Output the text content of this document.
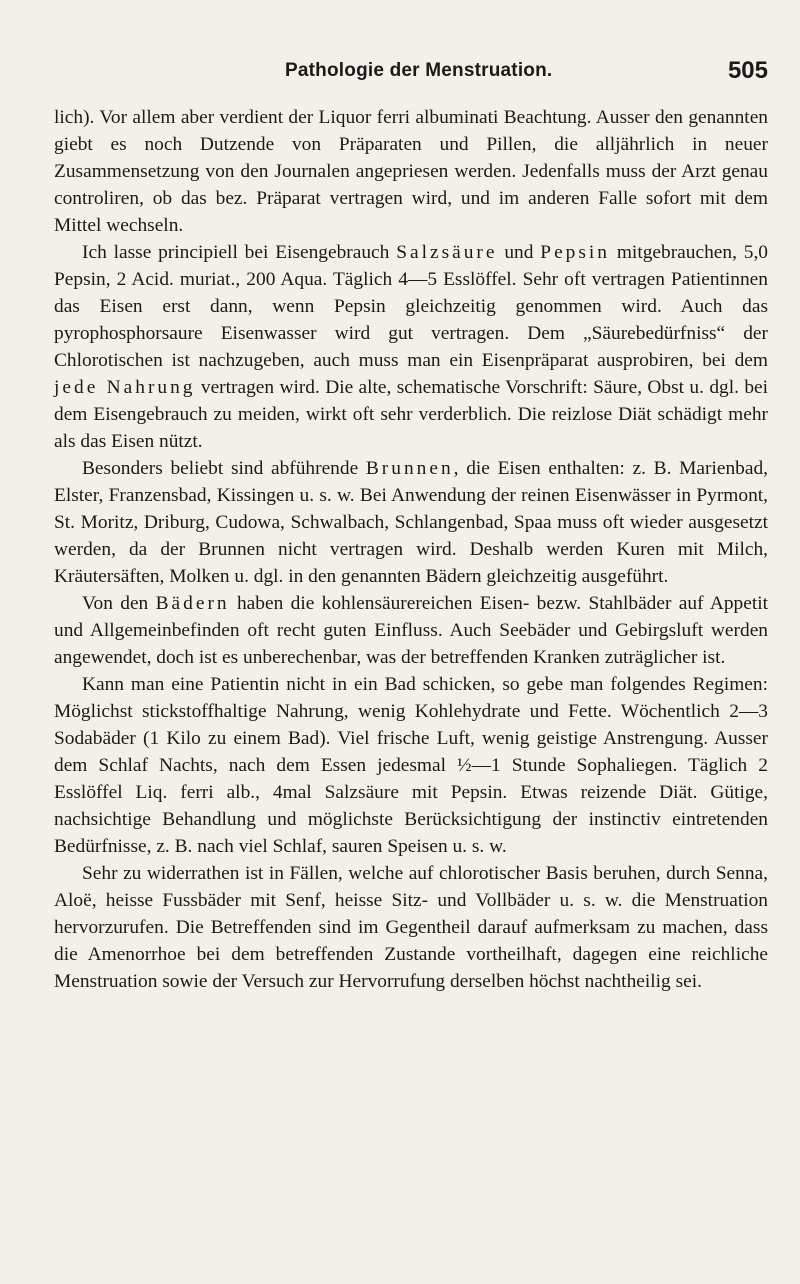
Pathologie der Menstruation.	505

lich). Vor allem aber verdient der Liquor ferri albuminati Beachtung. Ausser den genannten giebt es noch Dutzende von Präparaten und Pillen, die alljährlich in neuer Zusammensetzung von den Journalen angepriesen werden. Jedenfalls muss der Arzt genau controliren, ob das bez. Präparat vertragen wird, und im anderen Falle sofort mit dem Mittel wechseln.

Ich lasse principiell bei Eisengebrauch Salzsäure und Pepsin mitgebrauchen, 5,0 Pepsin, 2 Acid. muriat., 200 Aqua. Täglich 4—5 Esslöffel. Sehr oft vertragen Patientinnen das Eisen erst dann, wenn Pepsin gleichzeitig genommen wird. Auch das pyrophosphorsaure Eisenwasser wird gut vertragen. Dem „Säurebedürfniss“ der Chlorotischen ist nachzugeben, auch muss man ein Eisenpräparat ausprobiren, bei dem jede Nahrung vertragen wird. Die alte, schematische Vorschrift: Säure, Obst u. dgl. bei dem Eisengebrauch zu meiden, wirkt oft sehr verderblich. Die reizlose Diät schädigt mehr als das Eisen nützt.

Besonders beliebt sind abführende Brunnen, die Eisen enthalten: z. B. Marienbad, Elster, Franzensbad, Kissingen u. s. w. Bei Anwendung der reinen Eisenwässer in Pyrmont, St. Moritz, Driburg, Cudowa, Schwalbach, Schlangenbad, Spaa muss oft wieder ausgesetzt werden, da der Brunnen nicht vertragen wird. Deshalb werden Kuren mit Milch, Kräutersäften, Molken u. dgl. in den genannten Bädern gleichzeitig ausgeführt.

Von den Bädern haben die kohlensäurereichen Eisen- bezw. Stahlbäder auf Appetit und Allgemeinbefinden oft recht guten Einfluss. Auch Seebäder und Gebirgsluft werden angewendet, doch ist es unberechenbar, was der betreffenden Kranken zuträglicher ist.

Kann man eine Patientin nicht in ein Bad schicken, so gebe man folgendes Regimen: Möglichst stickstoffhaltige Nahrung, wenig Kohlehydrate und Fette. Wöchentlich 2—3 Sodabäder (1 Kilo zu einem Bad). Viel frische Luft, wenig geistige Anstrengung. Ausser dem Schlaf Nachts, nach dem Essen jedesmal ½—1 Stunde Sophaliegen. Täglich 2 Esslöffel Liq. ferri alb., 4mal Salzsäure mit Pepsin. Etwas reizende Diät. Gütige, nachsichtige Behandlung und möglichste Berücksichtigung der instinctiv eintretenden Bedürfnisse, z. B. nach viel Schlaf, sauren Speisen u. s. w.

Sehr zu widerrathen ist in Fällen, welche auf chlorotischer Basis beruhen, durch Senna, Aloë, heisse Fussbäder mit Senf, heisse Sitz- und Vollbäder u. s. w. die Menstruation hervorzurufen. Die Betreffenden sind im Gegentheil darauf aufmerksam zu machen, dass die Amenorrhoe bei dem betreffenden Zustande vortheilhaft, dagegen eine reichliche Menstruation sowie der Versuch zur Hervorrufung derselben höchst nachtheilig sei.
